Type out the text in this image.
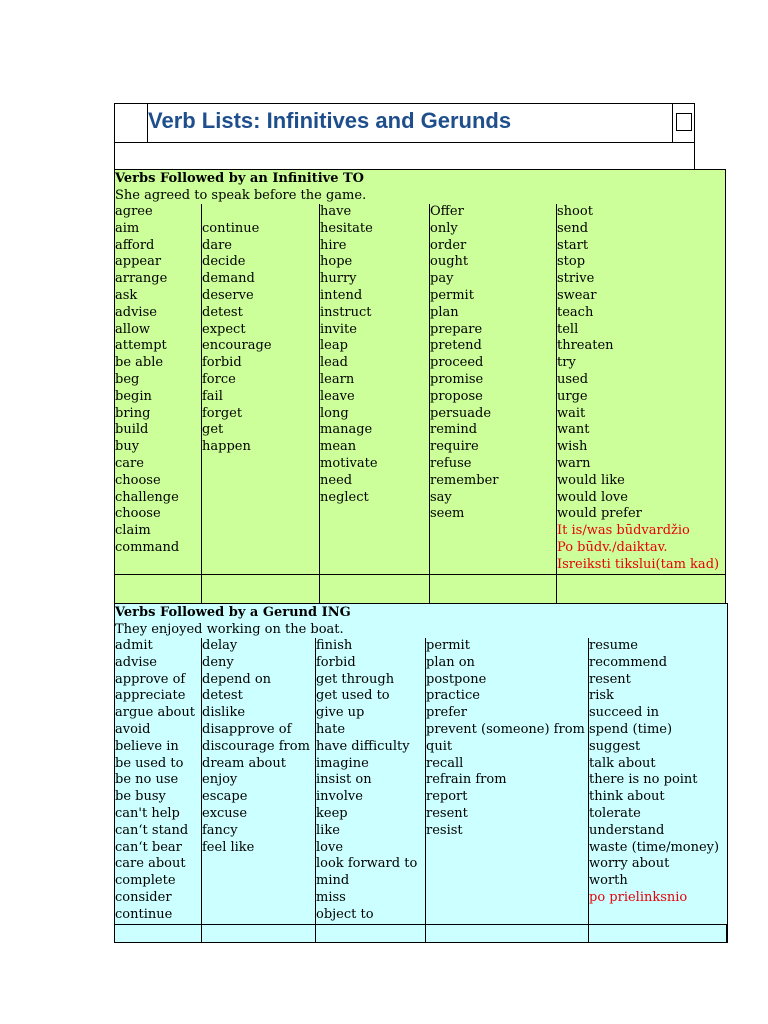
Verb Lists: Infinitives and Gerunds
Verbs Followed by an Infinitive TO
She agreed to speak before the game.
agree
aim
afford
appear
arrange
ask
advise
allow
attempt
be able
beg
begin
bring
build
buy
care
choose
challenge
choose
claim
command

continue
dare
decide
demand
deserve
detest
expect
encourage
forbid
force
fail
forget
get
happen
have
hesitate
hire
hope
hurry
intend
instruct
invite
leap
lead
learn
leave
long
manage
mean
motivate
need
neglect
Offer
only
order
ought
pay
permit
plan
prepare
pretend
proceed
promise
propose
persuade
remind
require
refuse
remember
say
seem
shoot
send
start
stop
strive
swear
teach
tell
threaten
try
used
urge
wait
want
wish
warn
would like
would love
would prefer
It is/was būdvardžio
Po būdv./daiktav.
Isreiksti tikslui(tam kad)
Verbs Followed by a Gerund ING
They enjoyed working on the boat.
admit
advise
approve of
appreciate
argue about
avoid
believe in
be used to
be no use
be busy
can't help
can‘t stand
can‘t bear
care about
complete
consider
continue
delay
deny
depend on
detest
dislike
disapprove of
discourage from
dream about
enjoy
escape
excuse
fancy
feel like
finish
forbid
get through
get used to
give up
hate
have difficulty
imagine
insist on
involve
keep
like
love
look forward to
mind
miss
object to
permit
plan on
postpone
practice
prefer
prevent (someone) from
quit
recall
refrain from
report
resent
resist
resume
recommend
resent
risk
succeed in
spend (time)
suggest
talk about
there is no point
think about
tolerate
understand
waste (time/money)
worry about
worth
po prielinksnio
